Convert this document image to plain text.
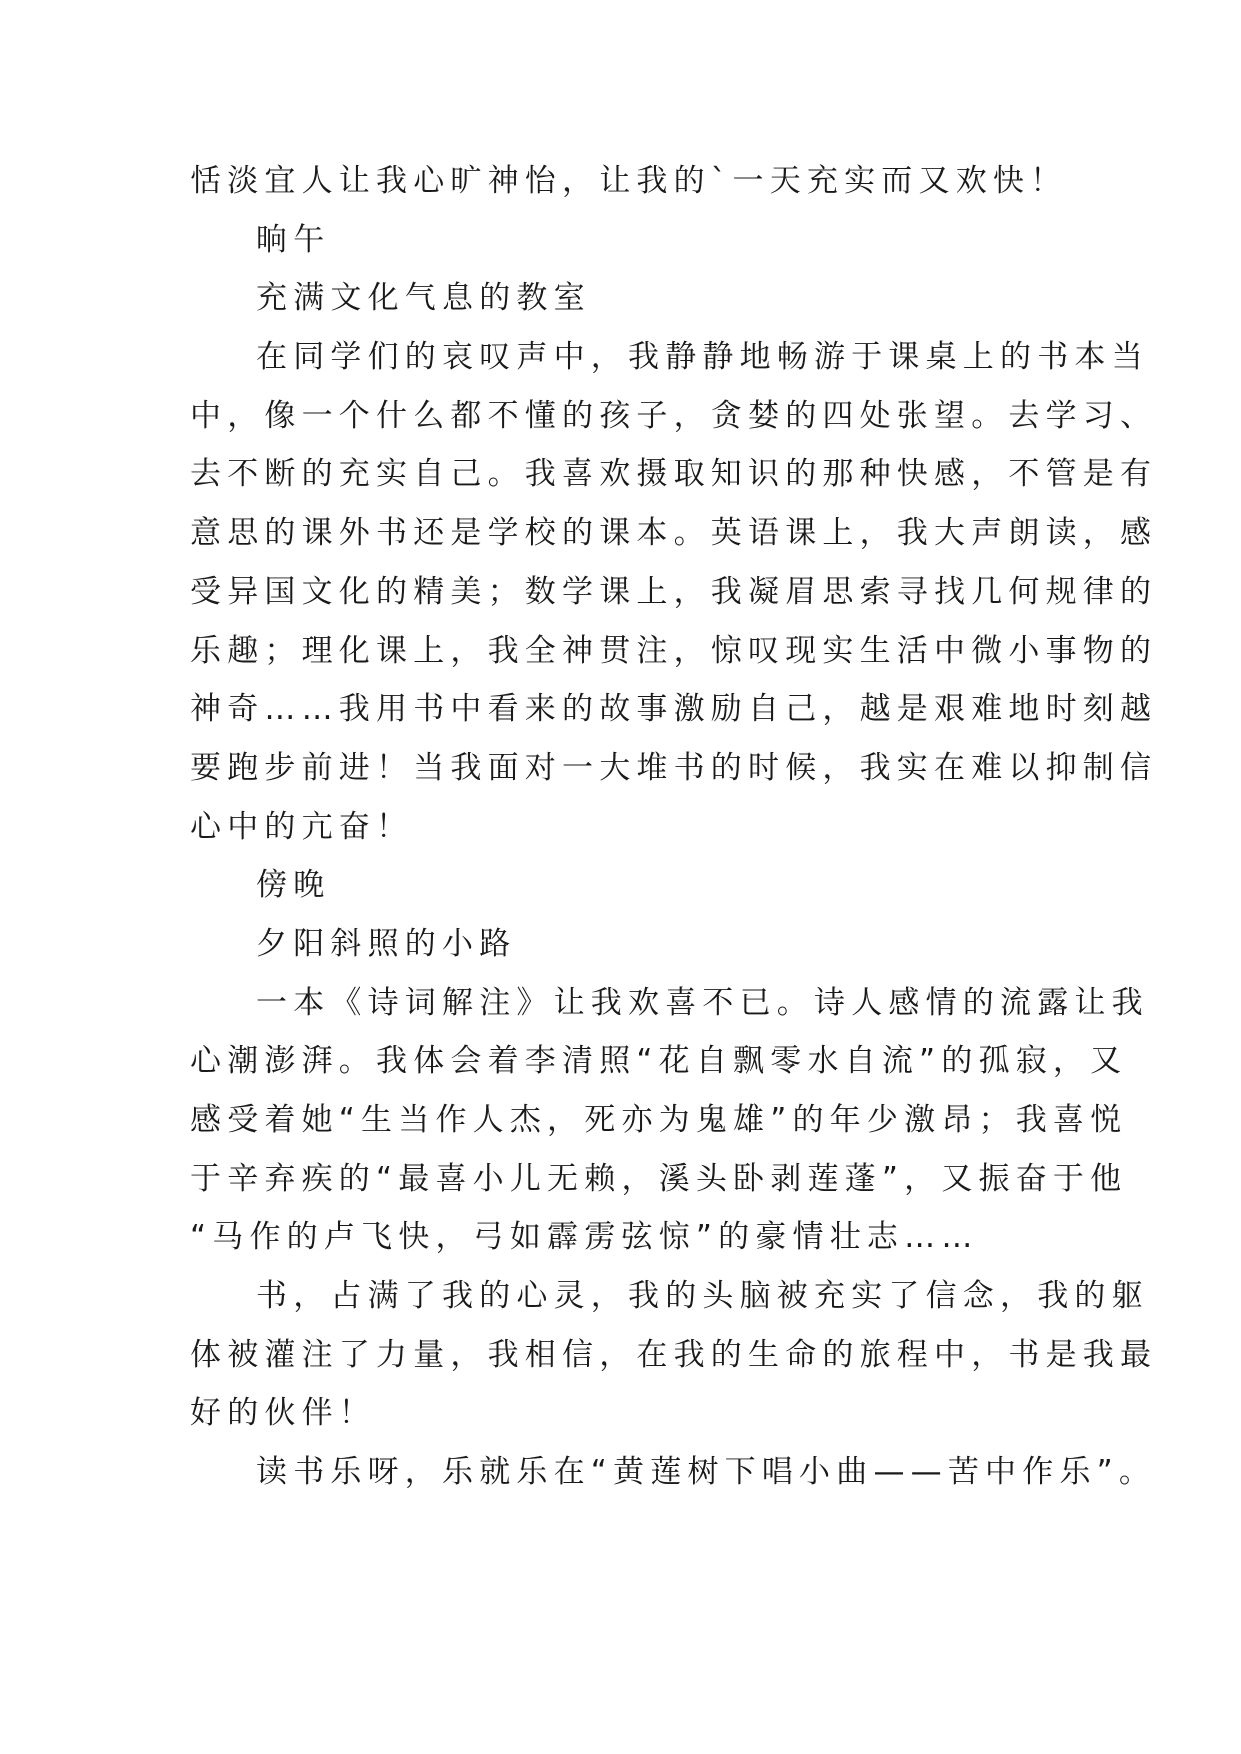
恬淡宜人让我心旷神怡，让我的`一天充实而又欢快！
晌午
充满文化气息的教室
在同学们的哀叹声中，我静静地畅游于课桌上的书本当
中，像一个什么都不懂的孩子，贪婪的四处张望。去学习、
去不断的充实自己。我喜欢摄取知识的那种快感，不管是有
意思的课外书还是学校的课本。英语课上，我大声朗读，感
受异国文化的精美；数学课上，我凝眉思索寻找几何规律的
乐趣；理化课上，我全神贯注，惊叹现实生活中微小事物的
神奇……我用书中看来的故事激励自己，越是艰难地时刻越
要跑步前进！当我面对一大堆书的时候，我实在难以抑制信
心中的亢奋！
傍晚
夕阳斜照的小路
一本《诗词解注》让我欢喜不已。诗人感情的流露让我
心潮澎湃。我体会着李清照“花自飘零水自流”的孤寂，又
感受着她“生当作人杰，死亦为鬼雄”的年少激昂；我喜悦
于辛弃疾的“最喜小儿无赖，溪头卧剥莲蓬”，又振奋于他
“马作的卢飞快，弓如霹雳弦惊”的豪情壮志……
书，占满了我的心灵，我的头脑被充实了信念，我的躯
体被灌注了力量，我相信，在我的生命的旅程中，书是我最
好的伙伴！
读书乐呀，乐就乐在“黄莲树下唱小曲——苦中作乐”。
